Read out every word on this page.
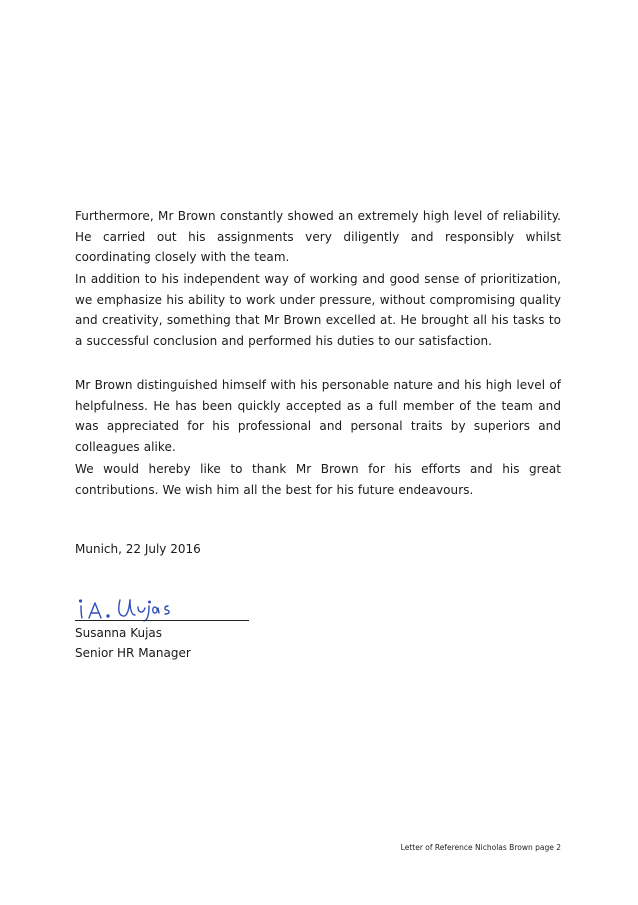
Furthermore, Mr Brown constantly showed an extremely high level of reliability. He carried out his assignments very diligently and responsibly whilst coordinating closely with the team.

In addition to his independent way of working and good sense of prioritization, we emphasize his ability to work under pressure, without compromising quality and creativity, something that Mr Brown excelled at. He brought all his tasks to a successful conclusion and performed his duties to our satisfaction.

Mr Brown distinguished himself with his personable nature and his high level of helpfulness. He has been quickly accepted as a full member of the team and was appreciated for his professional and personal traits by superiors and colleagues alike.

We would hereby like to thank Mr Brown for his efforts and his great contributions. We wish him all the best for his future endeavours.

Munich, 22 July 2016

Susanna Kujas

Senior HR Manager

Letter of Reference Nicholas Brown page 2
